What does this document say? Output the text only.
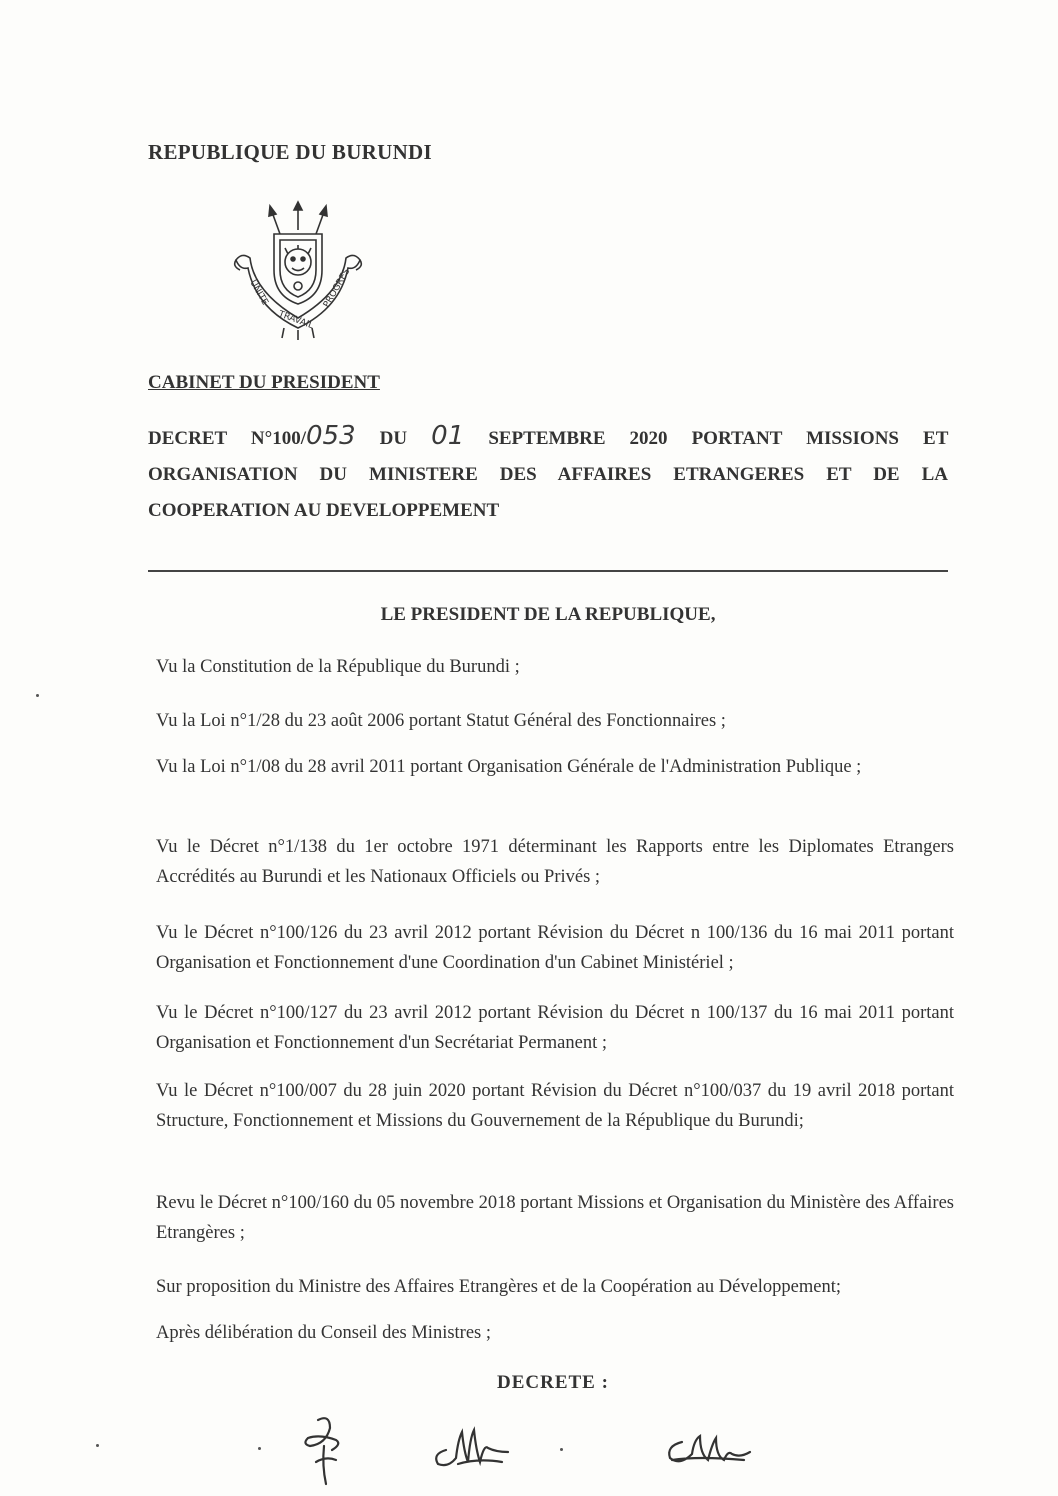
REPUBLIQUE DU BURUNDI
UNITE
TRAVAIL
PROGRES
CABINET DU PRESIDENT
DECRET N°100/053 DU 01 SEPTEMBRE 2020 PORTANT MISSIONS ET ORGANISATION DU MINISTERE DES AFFAIRES ETRANGERES ET DE LA
COOPERATION AU DEVELOPPEMENT
LE PRESIDENT DE LA REPUBLIQUE,
Vu la Constitution de la République du Burundi ;
Vu la Loi n°1/28 du 23 août 2006 portant Statut Général des Fonctionnaires ;
Vu la Loi n°1/08 du 28 avril 2011 portant Organisation Générale de l'Administration Publique ;
Vu le Décret n°1/138 du 1er octobre 1971 déterminant les Rapports entre les Diplomates Etrangers Accrédités au Burundi et les Nationaux Officiels ou Privés ;
Vu le Décret n°100/126 du 23 avril 2012 portant Révision du Décret n 100/136 du 16 mai 2011 portant Organisation et Fonctionnement d'une Coordination d'un Cabinet Ministériel ;
Vu le Décret n°100/127 du 23 avril 2012 portant Révision du Décret n 100/137 du 16 mai 2011 portant Organisation et Fonctionnement d'un Secrétariat Permanent ;
Vu le Décret n°100/007 du 28 juin 2020 portant Révision du Décret n°100/037 du 19 avril 2018 portant Structure, Fonctionnement et Missions du Gouvernement de la République du Burundi;
Revu le Décret n°100/160 du 05 novembre 2018 portant Missions et Organisation du Ministère des Affaires Etrangères ;
Sur proposition du Ministre des Affaires Etrangères et de la Coopération au Développement;
Après délibération du Conseil des Ministres ;
DECRETE :
